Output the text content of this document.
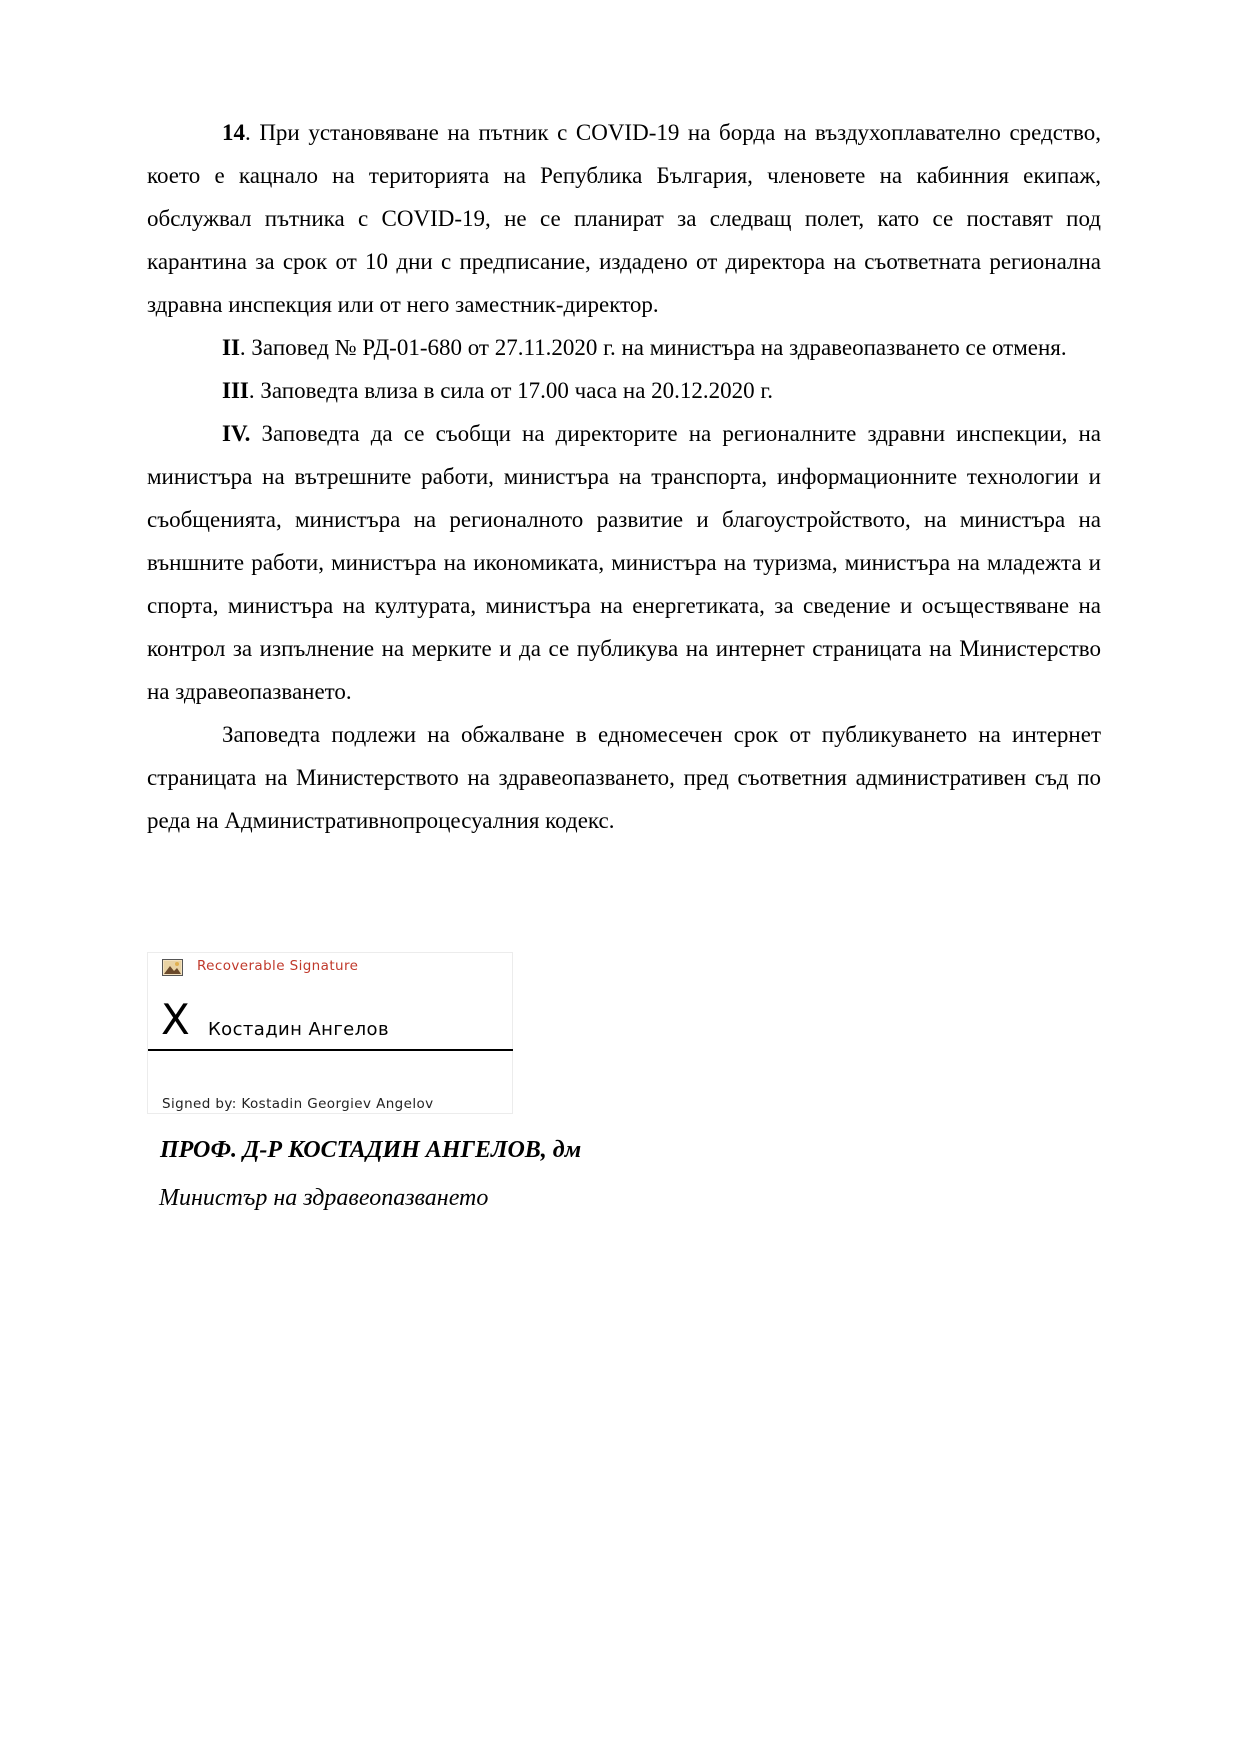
14. При установяване на пътник с COVID-19 на борда на въздухоплавателно средство, което е кацнало на територията на Република България, членовете на кабинния екипаж, обслужвал пътника с COVID-19, не се планират за следващ полет, като се поставят под карантина за срок от 10 дни с предписание, издадено от директора на съответната регионална здравна инспекция или от него заместник-директор.

II. Заповед № РД-01-680 от 27.11.2020 г. на министъра на здравеопазването се отменя.

III. Заповедта влиза в сила от 17.00 часа на 20.12.2020 г.

IV. Заповедта да се съобщи на директорите на регионалните здравни инспекции, на министъра на вътрешните работи, министъра на транспорта, информационните технологии и съобщенията, министъра на регионалното развитие и благоустройството, на министъра на външните работи, министъра на икономиката, министъра на туризма, министъра на младежта и спорта, министъра на културата, министъра на енергетиката, за сведение и осъществяване на контрол за изпълнение на мерките и да се публикува на интернет страницата на Министерство на здравеопазването.

Заповедта подлежи на обжалване в едномесечен срок от публикуването на интернет страницата на Министерството на здравеопазването, пред съответния административен съд по реда на Административнопроцесуалния кодекс.

Recoverable Signature
X Костадин Ангелов
Signed by: Kostadin Georgiev Angelov
ПРОФ. Д-Р КОСТАДИН АНГЕЛОВ, дм
Министър на здравеопазването
